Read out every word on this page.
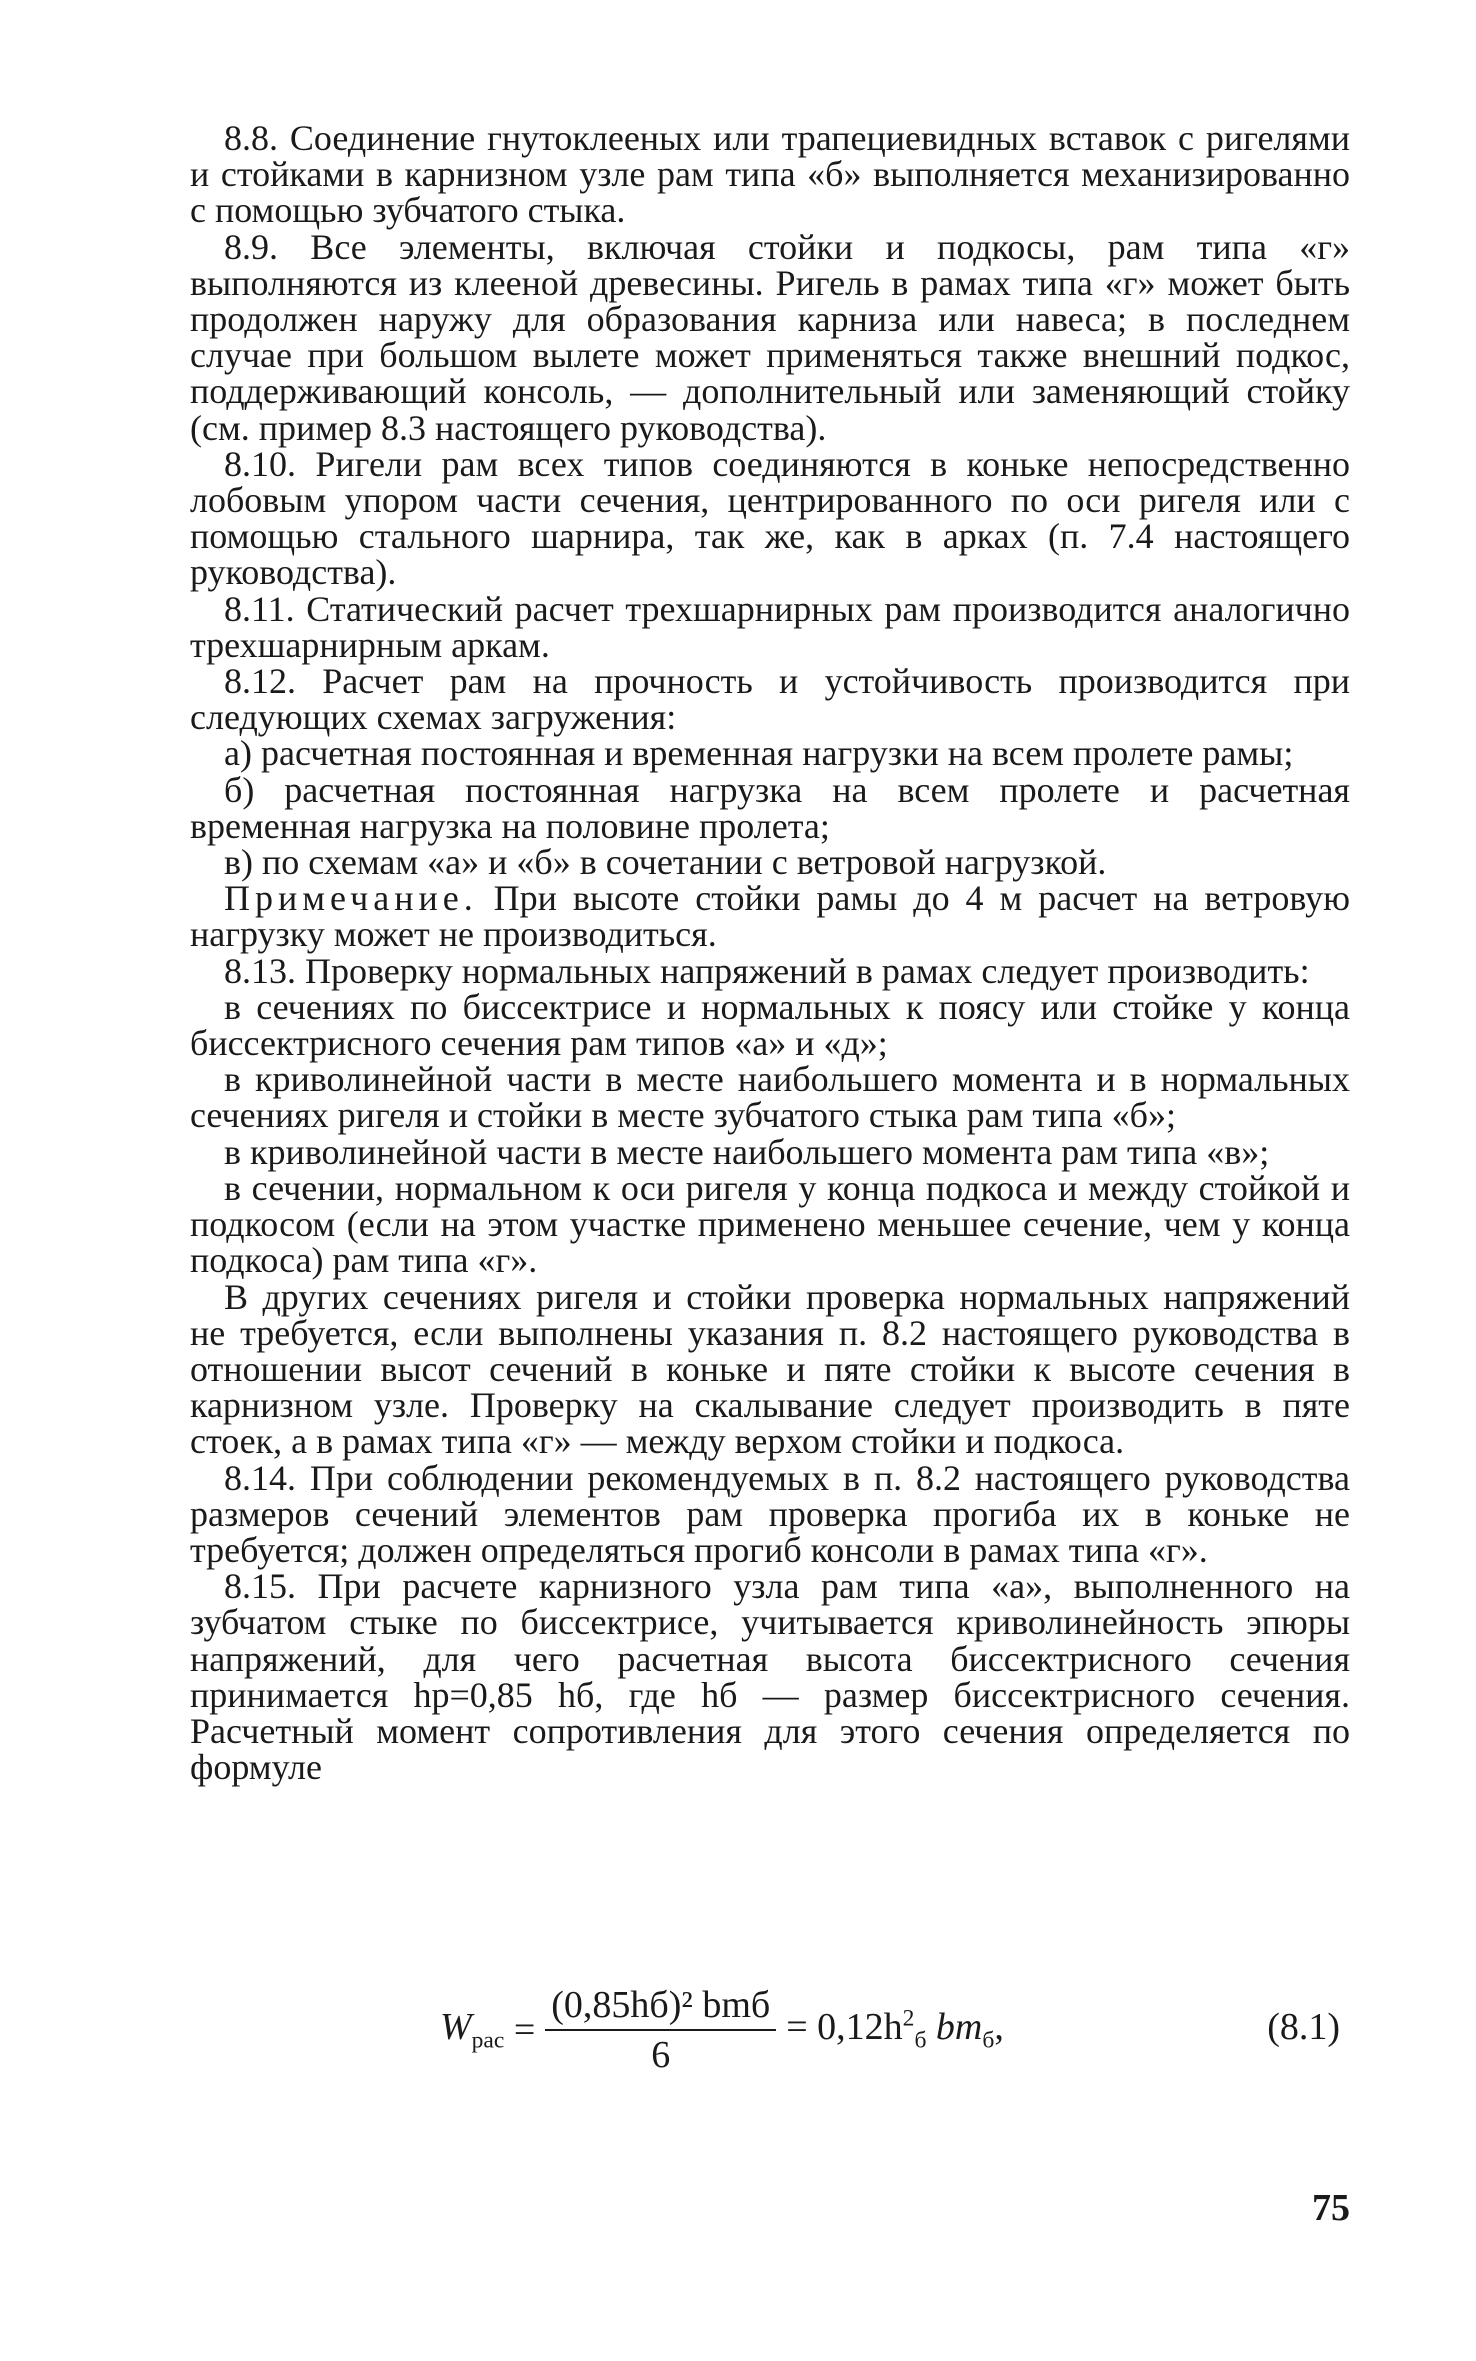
8.8. Соединение гнутоклееных или трапециевидных вставок с ригелями и стойками в карнизном узле рам типа «б» выполняется механизированно с помощью зубчатого стыка.

8.9. Все элементы, включая стойки и подкосы, рам типа «г» выполняются из клееной древесины. Ригель в рамах типа «г» может быть продолжен наружу для образования карниза или навеса; в последнем случае при большом вылете может применяться также внешний подкос, поддерживающий консоль, — дополнительный или заменяющий стойку (см. пример 8.3 настоящего руководства).

8.10. Ригели рам всех типов соединяются в коньке непосредственно лобовым упором части сечения, центрированного по оси ригеля или с помощью стального шарнира, так же, как в арках (п. 7.4 настоящего руководства).

8.11. Статический расчет трехшарнирных рам производится аналогично трехшарнирным аркам.

8.12. Расчет рам на прочность и устойчивость производится при следующих схемах загружения:

а) расчетная постоянная и временная нагрузки на всем пролете рамы;

б) расчетная постоянная нагрузка на всем пролете и расчетная временная нагрузка на половине пролета;

в) по схемам «а» и «б» в сочетании с ветровой нагрузкой.

Примечание. При высоте стойки рамы до 4 м расчет на ветровую нагрузку может не производиться.

8.13. Проверку нормальных напряжений в рамах следует производить:

в сечениях по биссектрисе и нормальных к поясу или стойке у конца биссектрисного сечения рам типов «а» и «д»;

в криволинейной части в месте наибольшего момента и в нормальных сечениях ригеля и стойки в месте зубчатого стыка рам типа «б»;

в криволинейной части в месте наибольшего момента рам типа «в»;

в сечении, нормальном к оси ригеля у конца подкоса и между стойкой и подкосом (если на этом участке применено меньшее сечение, чем у конца подкоса) рам типа «г».

В других сечениях ригеля и стойки проверка нормальных напряжений не требуется, если выполнены указания п. 8.2 настоящего руководства в отношении высот сечений в коньке и пяте стойки к высоте сечения в карнизном узле. Проверку на скалывание следует производить в пяте стоек, а в рамах типа «г» — между верхом стойки и подкоса.

8.14. При соблюдении рекомендуемых в п. 8.2 настоящего руководства размеров сечений элементов рам проверка прогиба их в коньке не требуется; должен определяться прогиб консоли в рамах типа «г».

8.15. При расчете карнизного узла рам типа «а», выполненного на зубчатом стыке по биссектрисе, учитывается криволинейность эпюры напряжений, для чего расчетная высота биссектрисного сечения принимается hр=0,85 hб, где hб — размер биссектрисного сечения. Расчетный момент сопротивления для этого сечения определяется по формуле

$W_{рас} = \frac{\text{(0,85hб)² bmб}}{6} = 0,12h^2_б$ $bm_б$,	(8.1)
75
